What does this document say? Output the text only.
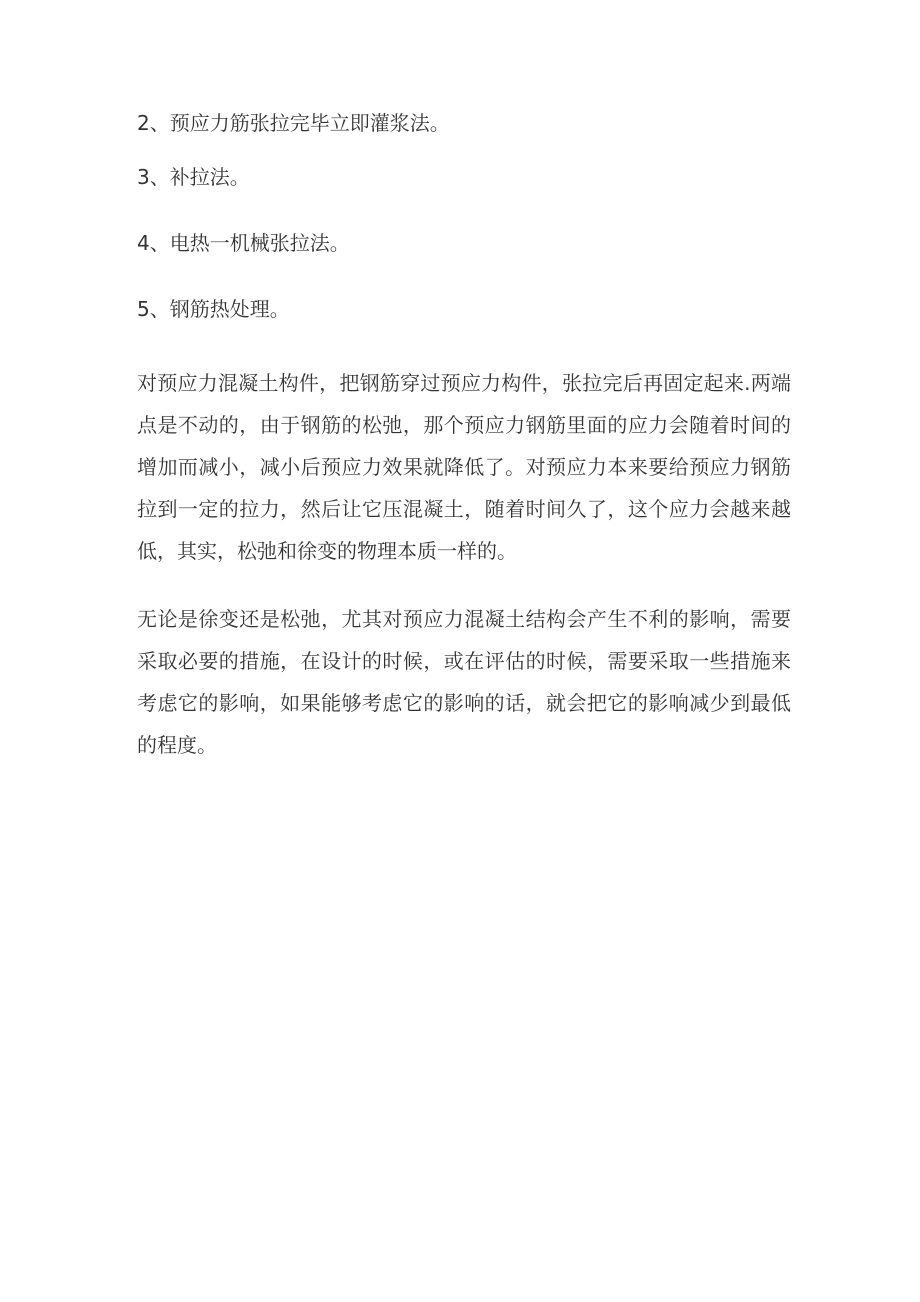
2、预应力筋张拉完毕立即灌浆法。

3、补拉法。

4、电热一机械张拉法。

5、钢筋热处理。

对预应力混凝土构件，把钢筋穿过预应力构件，张拉完后再固定起来.两端点是不动的，由于钢筋的松弛，那个预应力钢筋里面的应力会随着时间的增加而减小，减小后预应力效果就降低了。对预应力本来要给预应力钢筋拉到一定的拉力，然后让它压混凝土，随着时间久了，这个应力会越来越低，其实，松弛和徐变的物理本质一样的。

无论是徐变还是松弛，尤其对预应力混凝土结构会产生不利的影响，需要采取必要的措施，在设计的时候，或在评估的时候，需要采取一些措施来考虑它的影响，如果能够考虑它的影响的话，就会把它的影响减少到最低的程度。
